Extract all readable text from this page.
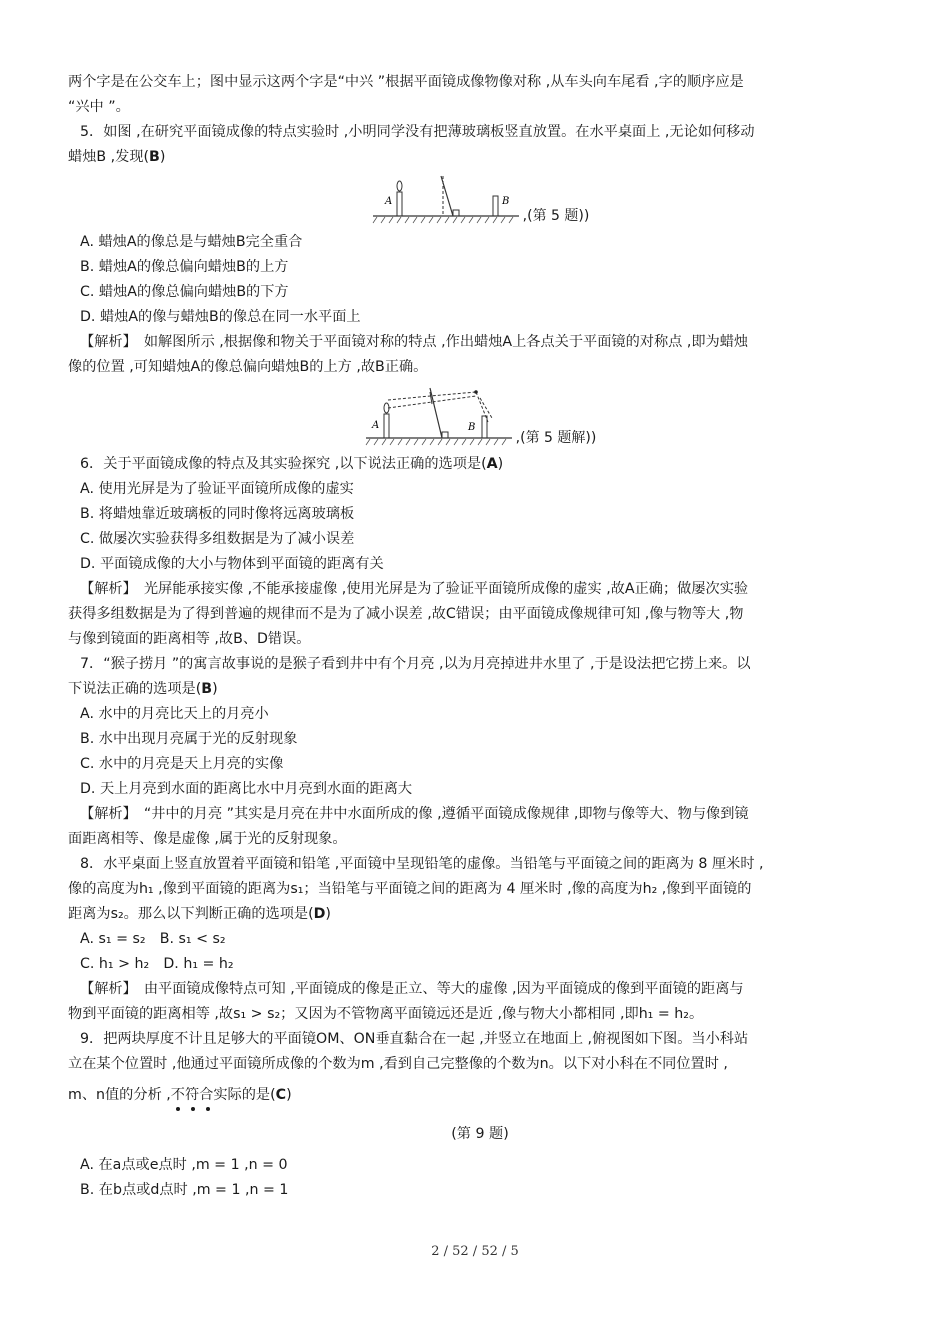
两个字是在公交车上；图中显示这两个字是“中兴 ”根据平面镜成像物像对称 ,从车头向车尾看 ,字的顺序应是

“兴中 ”。

5．如图 ,在研究平面镜成像的特点实验时 ,小明同学没有把薄玻璃板竖直放置。在水平桌面上 ,无论如何移动

蜡烛B ,发现(B)

A	B
,(第 5 题))

A. 蜡烛A的像总是与蜡烛B完全重合

B. 蜡烛A的像总偏向蜡烛B的上方

C. 蜡烛A的像总偏向蜡烛B的下方

D. 蜡烛A的像与蜡烛B的像总在同一水平面上

【解析】　如解图所示 ,根据像和物关于平面镜对称的特点 ,作出蜡烛A上各点关于平面镜的对称点 ,即为蜡烛

像的位置 ,可知蜡烛A的像总偏向蜡烛B的上方 ,故B正确。

A	B
,(第 5 题解))

6．关于平面镜成像的特点及其实验探究 ,以下说法正确的选项是(A)

A. 使用光屏是为了验证平面镜所成像的虚实

B. 将蜡烛靠近玻璃板的同时像将远离玻璃板

C. 做屡次实验获得多组数据是为了减小误差

D. 平面镜成像的大小与物体到平面镜的距离有关

【解析】　光屏能承接实像 ,不能承接虚像 ,使用光屏是为了验证平面镜所成像的虚实 ,故A正确；做屡次实验

获得多组数据是为了得到普遍的规律而不是为了减小误差 ,故C错误；由平面镜成像规律可知 ,像与物等大 ,物

与像到镜面的距离相等 ,故B、D错误。

7．“猴子捞月 ”的寓言故事说的是猴子看到井中有个月亮 ,以为月亮掉进井水里了 ,于是设法把它捞上来。以

下说法正确的选项是(B)

A. 水中的月亮比天上的月亮小

B. 水中出现月亮属于光的反射现象

C. 水中的月亮是天上月亮的实像

D. 天上月亮到水面的距离比水中月亮到水面的距离大

【解析】　“井中的月亮 ”其实是月亮在井中水面所成的像 ,遵循平面镜成像规律 ,即物与像等大、物与像到镜

面距离相等、像是虚像 ,属于光的反射现象。

8．水平桌面上竖直放置着平面镜和铅笔 ,平面镜中呈现铅笔的虚像。当铅笔与平面镜之间的距离为 8 厘米时 ,

像的高度为h₁ ,像到平面镜的距离为s₁；当铅笔与平面镜之间的距离为 4 厘米时 ,像的高度为h₂ ,像到平面镜的

距离为s₂。那么以下判断正确的选项是(D)

A. s₁ = s₂　B. s₁ < s₂

C. h₁ > h₂　D. h₁ = h₂

【解析】　由平面镜成像特点可知 ,平面镜成的像是正立、等大的虚像 ,因为平面镜成的像到平面镜的距离与

物到平面镜的距离相等 ,故s₁ > s₂；又因为不管物离平面镜远还是近 ,像与物大小都相同 ,即h₁ = h₂。

9．把两块厚度不计且足够大的平面镜OM、ON垂直黏合在一起 ,并竖立在地面上 ,俯视图如下图。当小科站

立在某个位置时 ,他通过平面镜所成像的个数为m ,看到自己完整像的个数为n。以下对小科在不同位置时 ,

m、n值的分析 ,不符合
实际的是(C)

(第 9 题)

A. 在a点或e点时 ,m = 1 ,n = 0

B. 在b点或d点时 ,m = 1 ,n = 1

2 / 52 / 52 / 5
